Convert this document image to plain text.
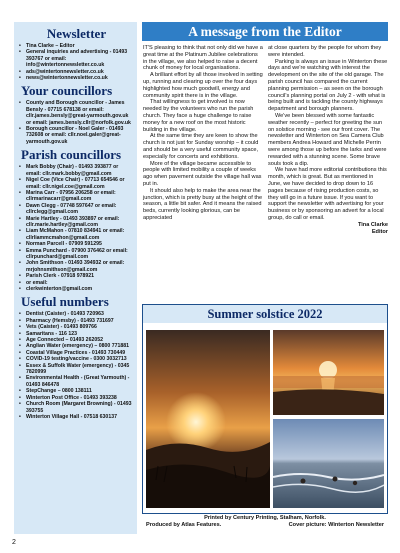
Newsletter
• Tina Clarke – Editor
• General inquiries and advertising - 01493 393767 or email: info@wintertonnewsletter.co.uk
• ads@wintertonnewsletter.co.uk
• news@wintertonnewsletter.co.uk
Your councillors
• County and Borough councillor - James Bensly - 07715 678138 or email: cllr.james.bensly@great-yarmouth.gov.uk or email: james.bensly.cllr@norfolk.gov.uk
• Borough councillor - Noel Galer - 01493 732608 or email: cllr.noel.galer@great-yarmouth.gov.uk
Parish councillors
• Mark Bobby (Chair) - 01493 393877 or email: cllr.mark.bobby@gmail.com
• Nigel Coe (Vice Chair) - 07713 654546 or email: cllr.nigel.coe@gmail.com
• Marina Carr - 07956 206258 or email: cllrmarinacarr@gmail.com
• Dawn Clegg - 07748 597647 or email: cllrclegg@gmail.com
• Marie Hartley - 01493 393897 or email: cllr.marie.hartley@gmail.com
• Liam McMahon - 07810 834941 or email: cllrliammcmahon@gmail.com
• Norman Parcell - 07909 591295
• Emma Punchard - 07900 376462 or email: cllrpunchard@gmail.com
• John Smithson - 01493 394932 or email: mrjohnsmithson@gmail.com
• Parish Clerk - 07918 978921
• or email:
• clerkwinterton@gmail.com
Useful numbers
• Dentist (Caister) - 01493 720963
• Pharmacy (Hemsby) - 01493 731697
• Vets (Caister) - 01493 809766
• Samaritans - 116 123
• Age Connected – 01493 262052
• Anglian Water (emergency) – 0800 771881
• Coastal Village Practices - 01493 730449
• COVID-19 testing/vaccine - 0300 3032713
• Essex & Suffolk Water (emergency) - 0345 7820999
• Environmental Health - (Great Yarmouth) - 01493 846478
• StepChange – 0800 138111
• Winterton Post Office - 01493 393238
• Church Room (Margaret Browning) - 01493 393755
• Winterton Village Hall - 07518 630137
A message from the Editor

IT'S pleasing to think that not only did we have a great time at the Platinum Jubilee celebrations in the village, we also helped to raise a decent chunk of money for local organisations.

A brilliant effort by all those involved in setting up, running and clearing up over the four days highlighted how much goodwill, energy and community spirit there is in the village.

That willingness to get involved is now needed by the volunteers who run the parish church. They face a huge challenge to raise money for a new roof on the most historic building in the village.

At the same time they are keen to show the church is not just for Sunday worship – it could and should be a very useful community space, especially for concerts and exhibitions.

More of the village became accessible to people with limited mobility a couple of weeks ago when pavement outside the village hall was put in.

It should also help to make the area near the junction, which is pretty busy at the height of the season, a little bit safer. And it means the raised beds, currently looking glorious, can be appreciated

at close quarters by the people for whom they were intended.

Parking is always an issue in Winterton these days and we're watching with interest the development on the site of the old garage. The parish council has compared the current planning permission – as seen on the borough council's planning portal on July 2 - with what is being built and is tackling the county highways department and borough planners.

We've been blessed with some fantastic weather recently – perfect for greeting the sun on solstice morning - see our front cover. The newsletter and Winterton on Sea Camera Club members Andrea Howard and Michelle Perrin were among those up before the larks and were rewarded with a stunning scene. Some brave souls took a dip.

We have had more editorial contributions this month, which is great. But as mentioned in June, we have decided to drop down to 16 pages because of rising production costs, so they will go in a future issue. If you want to support the newsletter with advertising for your business or by sponsoring an advert for a local group, do call or email.

Tina Clarke
Editor
Summer solstice 2022
Printed by Century Printing, Stalham, Norfolk.
Produced by Atlas Features.	Cover picture: Winterton Newsletter
2
